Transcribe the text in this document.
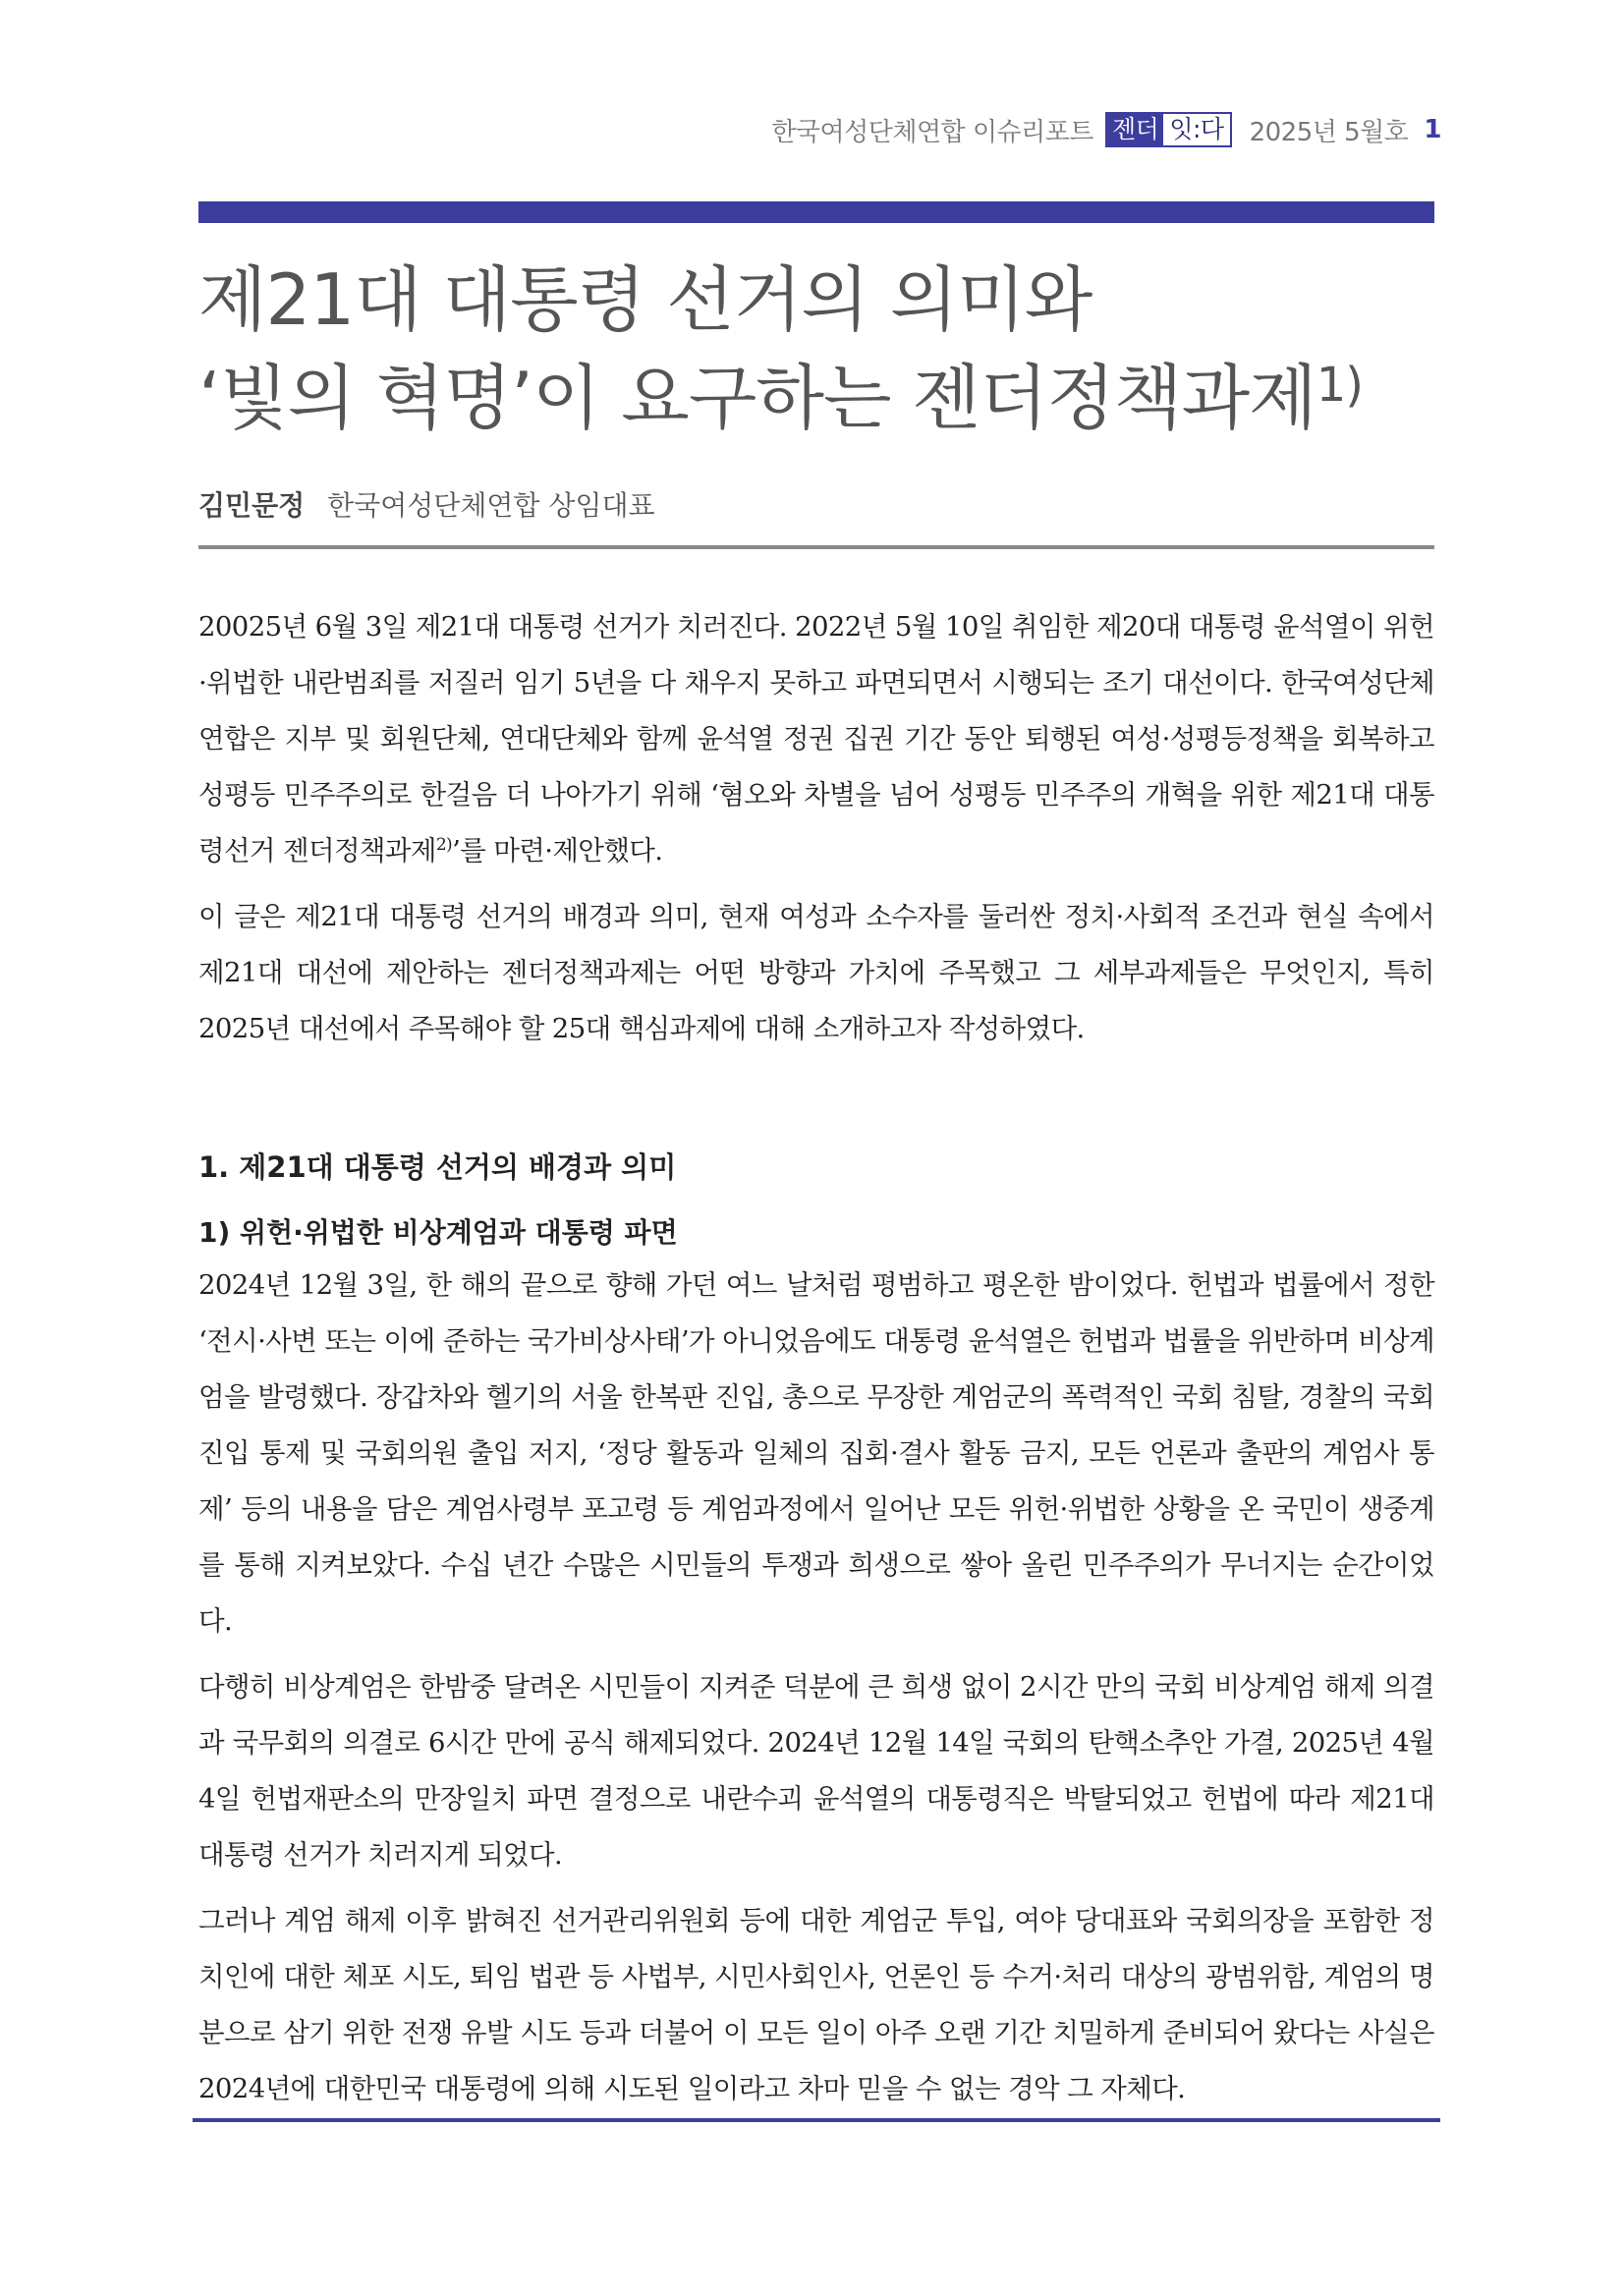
한국여성단체연합 이슈리포트 젠더 잇:다 2025년 5월호 1
제21대 대통령 선거의 의미와
‘빛의 혁명’이 요구하는 젠더정책과제$^{1)}$
김민문정 한국여성단체연합 상임대표

20025년 6월 3일 제21대 대통령 선거가 치러진다. 2022년 5월 10일 취임한 제20대 대통령 윤석열이 위헌·위법한 내란범죄를 저질러 임기 5년을 다 채우지 못하고 파면되면서 시행되는 조기 대선이다. 한국여성단체연합은 지부 및 회원단체, 연대단체와 함께 윤석열 정권 집권 기간 동안 퇴행된 여성·성평등정책을 회복하고 성평등 민주주의로 한걸음 더 나아가기 위해 ‘혐오와 차별을 넘어 성평등 민주주의 개혁을 위한 제21대 대통령선거 젠더정책과제$^{2)}$’를 마련·제안했다.

이 글은 제21대 대통령 선거의 배경과 의미, 현재 여성과 소수자를 둘러싼 정치·사회적 조건과 현실 속에서 제21대 대선에 제안하는 젠더정책과제는 어떤 방향과 가치에 주목했고 그 세부과제들은 무엇인지, 특히 2025년 대선에서 주목해야 할 25대 핵심과제에 대해 소개하고자 작성하였다.

1. 제21대 대통령 선거의 배경과 의미
1) 위헌·위법한 비상계엄과 대통령 파면

2024년 12월 3일, 한 해의 끝으로 향해 가던 여느 날처럼 평범하고 평온한 밤이었다. 헌법과 법률에서 정한 ‘전시·사변 또는 이에 준하는 국가비상사태’가 아니었음에도 대통령 윤석열은 헌법과 법률을 위반하며 비상계엄을 발령했다. 장갑차와 헬기의 서울 한복판 진입, 총으로 무장한 계엄군의 폭력적인 국회 침탈, 경찰의 국회 진입 통제 및 국회의원 출입 저지, ‘정당 활동과 일체의 집회·결사 활동 금지, 모든 언론과 출판의 계엄사 통제’ 등의 내용을 담은 계엄사령부 포고령 등 계엄과정에서 일어난 모든 위헌·위법한 상황을 온 국민이 생중계를 통해 지켜보았다. 수십 년간 수많은 시민들의 투쟁과 희생으로 쌓아 올린 민주주의가 무너지는 순간이었다.

다행히 비상계엄은 한밤중 달려온 시민들이 지켜준 덕분에 큰 희생 없이 2시간 만의 국회 비상계엄 해제 의결과 국무회의 의결로 6시간 만에 공식 해제되었다. 2024년 12월 14일 국회의 탄핵소추안 가결, 2025년 4월 4일 헌법재판소의 만장일치 파면 결정으로 내란수괴 윤석열의 대통령직은 박탈되었고 헌법에 따라 제21대 대통령 선거가 치러지게 되었다.

그러나 계엄 해제 이후 밝혀진 선거관리위원회 등에 대한 계엄군 투입, 여야 당대표와 국회의장을 포함한 정치인에 대한 체포 시도, 퇴임 법관 등 사법부, 시민사회인사, 언론인 등 수거·처리 대상의 광범위함, 계엄의 명분으로 삼기 위한 전쟁 유발 시도 등과 더불어 이 모든 일이 아주 오랜 기간 치밀하게 준비되어 왔다는 사실은 2024년에 대한민국 대통령에 의해 시도된 일이라고 차마 믿을 수 없는 경악 그 자체다.
